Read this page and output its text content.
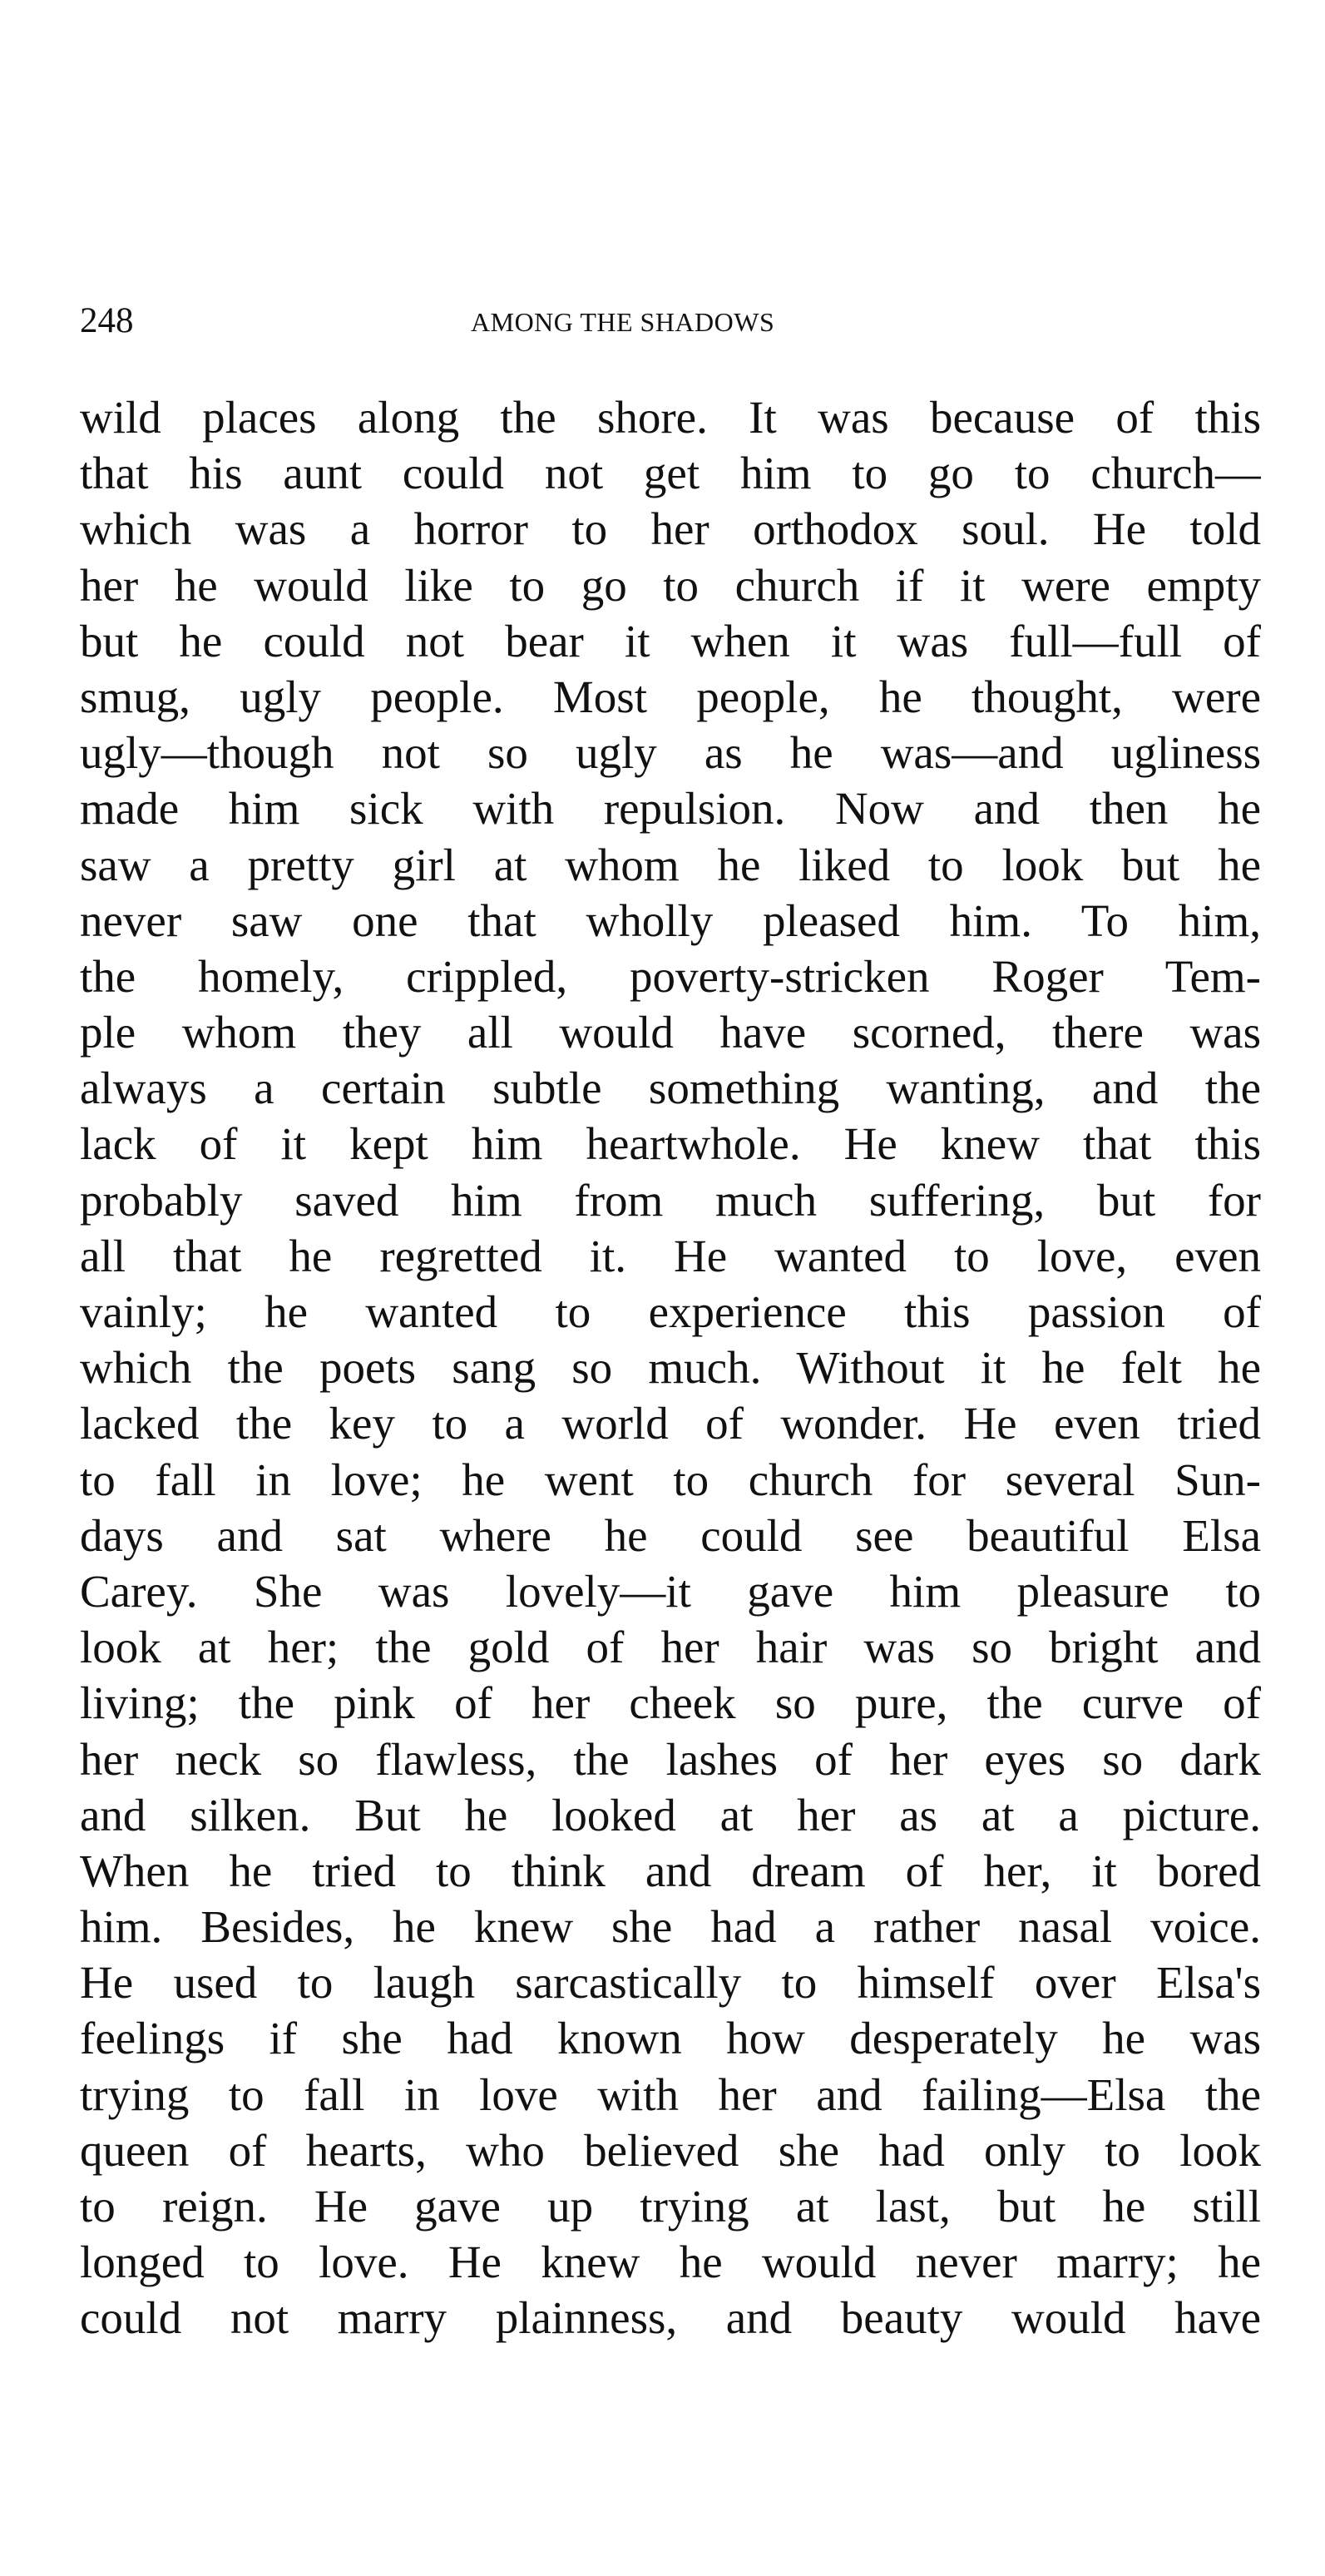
248	AMONG THE SHADOWS
wild places along the shore. It was because of this
that his aunt could not get him to go to church—
which was a horror to her orthodox soul. He told
her he would like to go to church if it were empty
but he could not bear it when it was full—full of
smug, ugly people. Most people, he thought, were
ugly—though not so ugly as he was—and ugliness
made him sick with repulsion. Now and then he
saw a pretty girl at whom he liked to look but he
never saw one that wholly pleased him. To him,
the homely, crippled, poverty-stricken Roger Tem-
ple whom they all would have scorned, there was
always a certain subtle something wanting, and the
lack of it kept him heartwhole. He knew that this
probably saved him from much suffering, but for
all that he regretted it. He wanted to love, even
vainly; he wanted to experience this passion of
which the poets sang so much. Without it he felt he
lacked the key to a world of wonder. He even tried
to fall in love; he went to church for several Sun-
days and sat where he could see beautiful Elsa
Carey. She was lovely—it gave him pleasure to
look at her; the gold of her hair was so bright and
living; the pink of her cheek so pure, the curve of
her neck so flawless, the lashes of her eyes so dark
and silken. But he looked at her as at a picture.
When he tried to think and dream of her, it bored
him. Besides, he knew she had a rather nasal voice.
He used to laugh sarcastically to himself over Elsa's
feelings if she had known how desperately he was
trying to fall in love with her and failing—Elsa the
queen of hearts, who believed she had only to look
to reign. He gave up trying at last, but he still
longed to love. He knew he would never marry; he
could not marry plainness, and beauty would have
